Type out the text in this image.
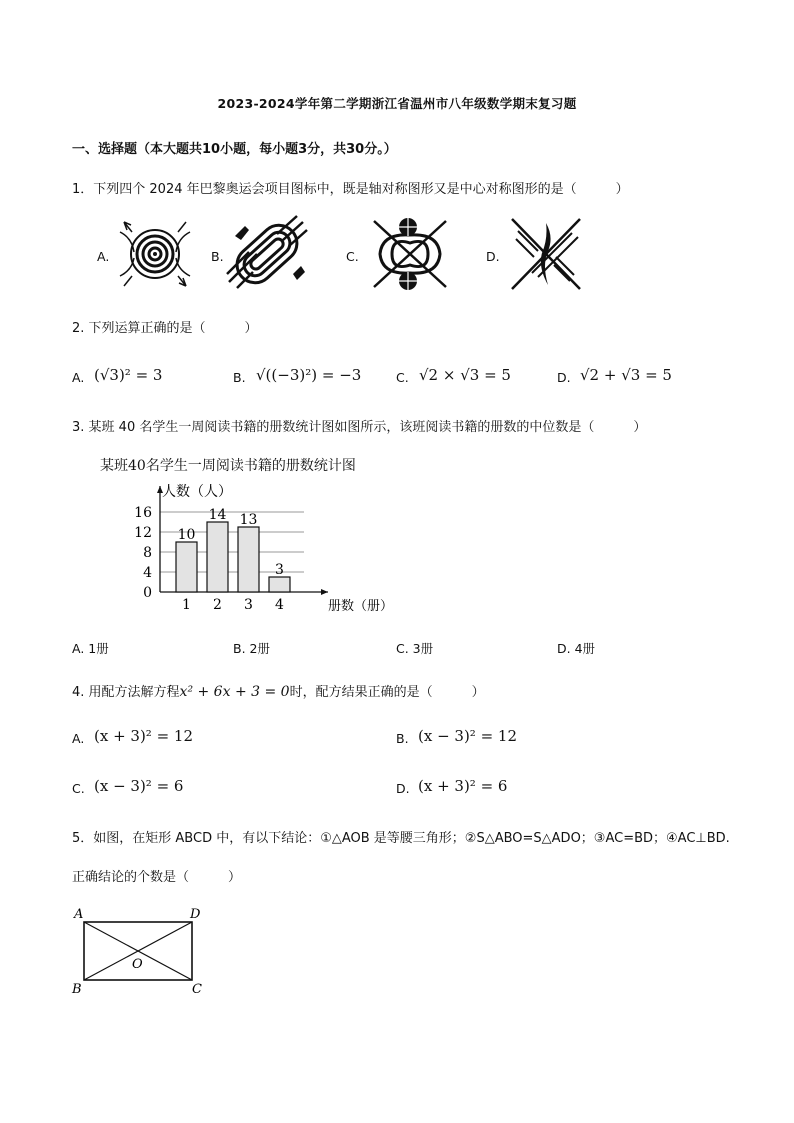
2023-2024学年第二学期浙江省温州市八年级数学期末复习题
一、选择题（本大题共10小题，每小题3分，共30分。）
1．下列四个 2024 年巴黎奥运会项目图标中，既是轴对称图形又是中心对称图形的是（　　　）
A.	B.	C.	D.
2. 下列运算正确的是（　　　）
A. (√3)² = 3	B. √((−3)²) = −3	C. √2 × √3 = 5	D. √2 + √3 = 5
3. 某班 40 名学生一周阅读书籍的册数统计图如图所示，该班阅读书籍的册数的中位数是（　　　）
某班40名学生一周阅读书籍的册数统计图
0
4
8
12
16
人数（人）
册数（册）
10
1
14
2
13
3
3
4
A. 1册	B. 2册	C. 3册	D. 4册
4. 用配方法解方程x² + 6x + 3 = 0时，配方结果正确的是（　　　）
A. (x + 3)² = 12	B. (x − 3)² = 12
C. (x − 3)² = 6	D. (x + 3)² = 6
5．如图，在矩形 ABCD 中，有以下结论：①△AOB 是等腰三角形；②S△ABO=S△ADO；③AC=BD；④AC⊥BD.
正确结论的个数是（　　　）
A	D
B	C
O
